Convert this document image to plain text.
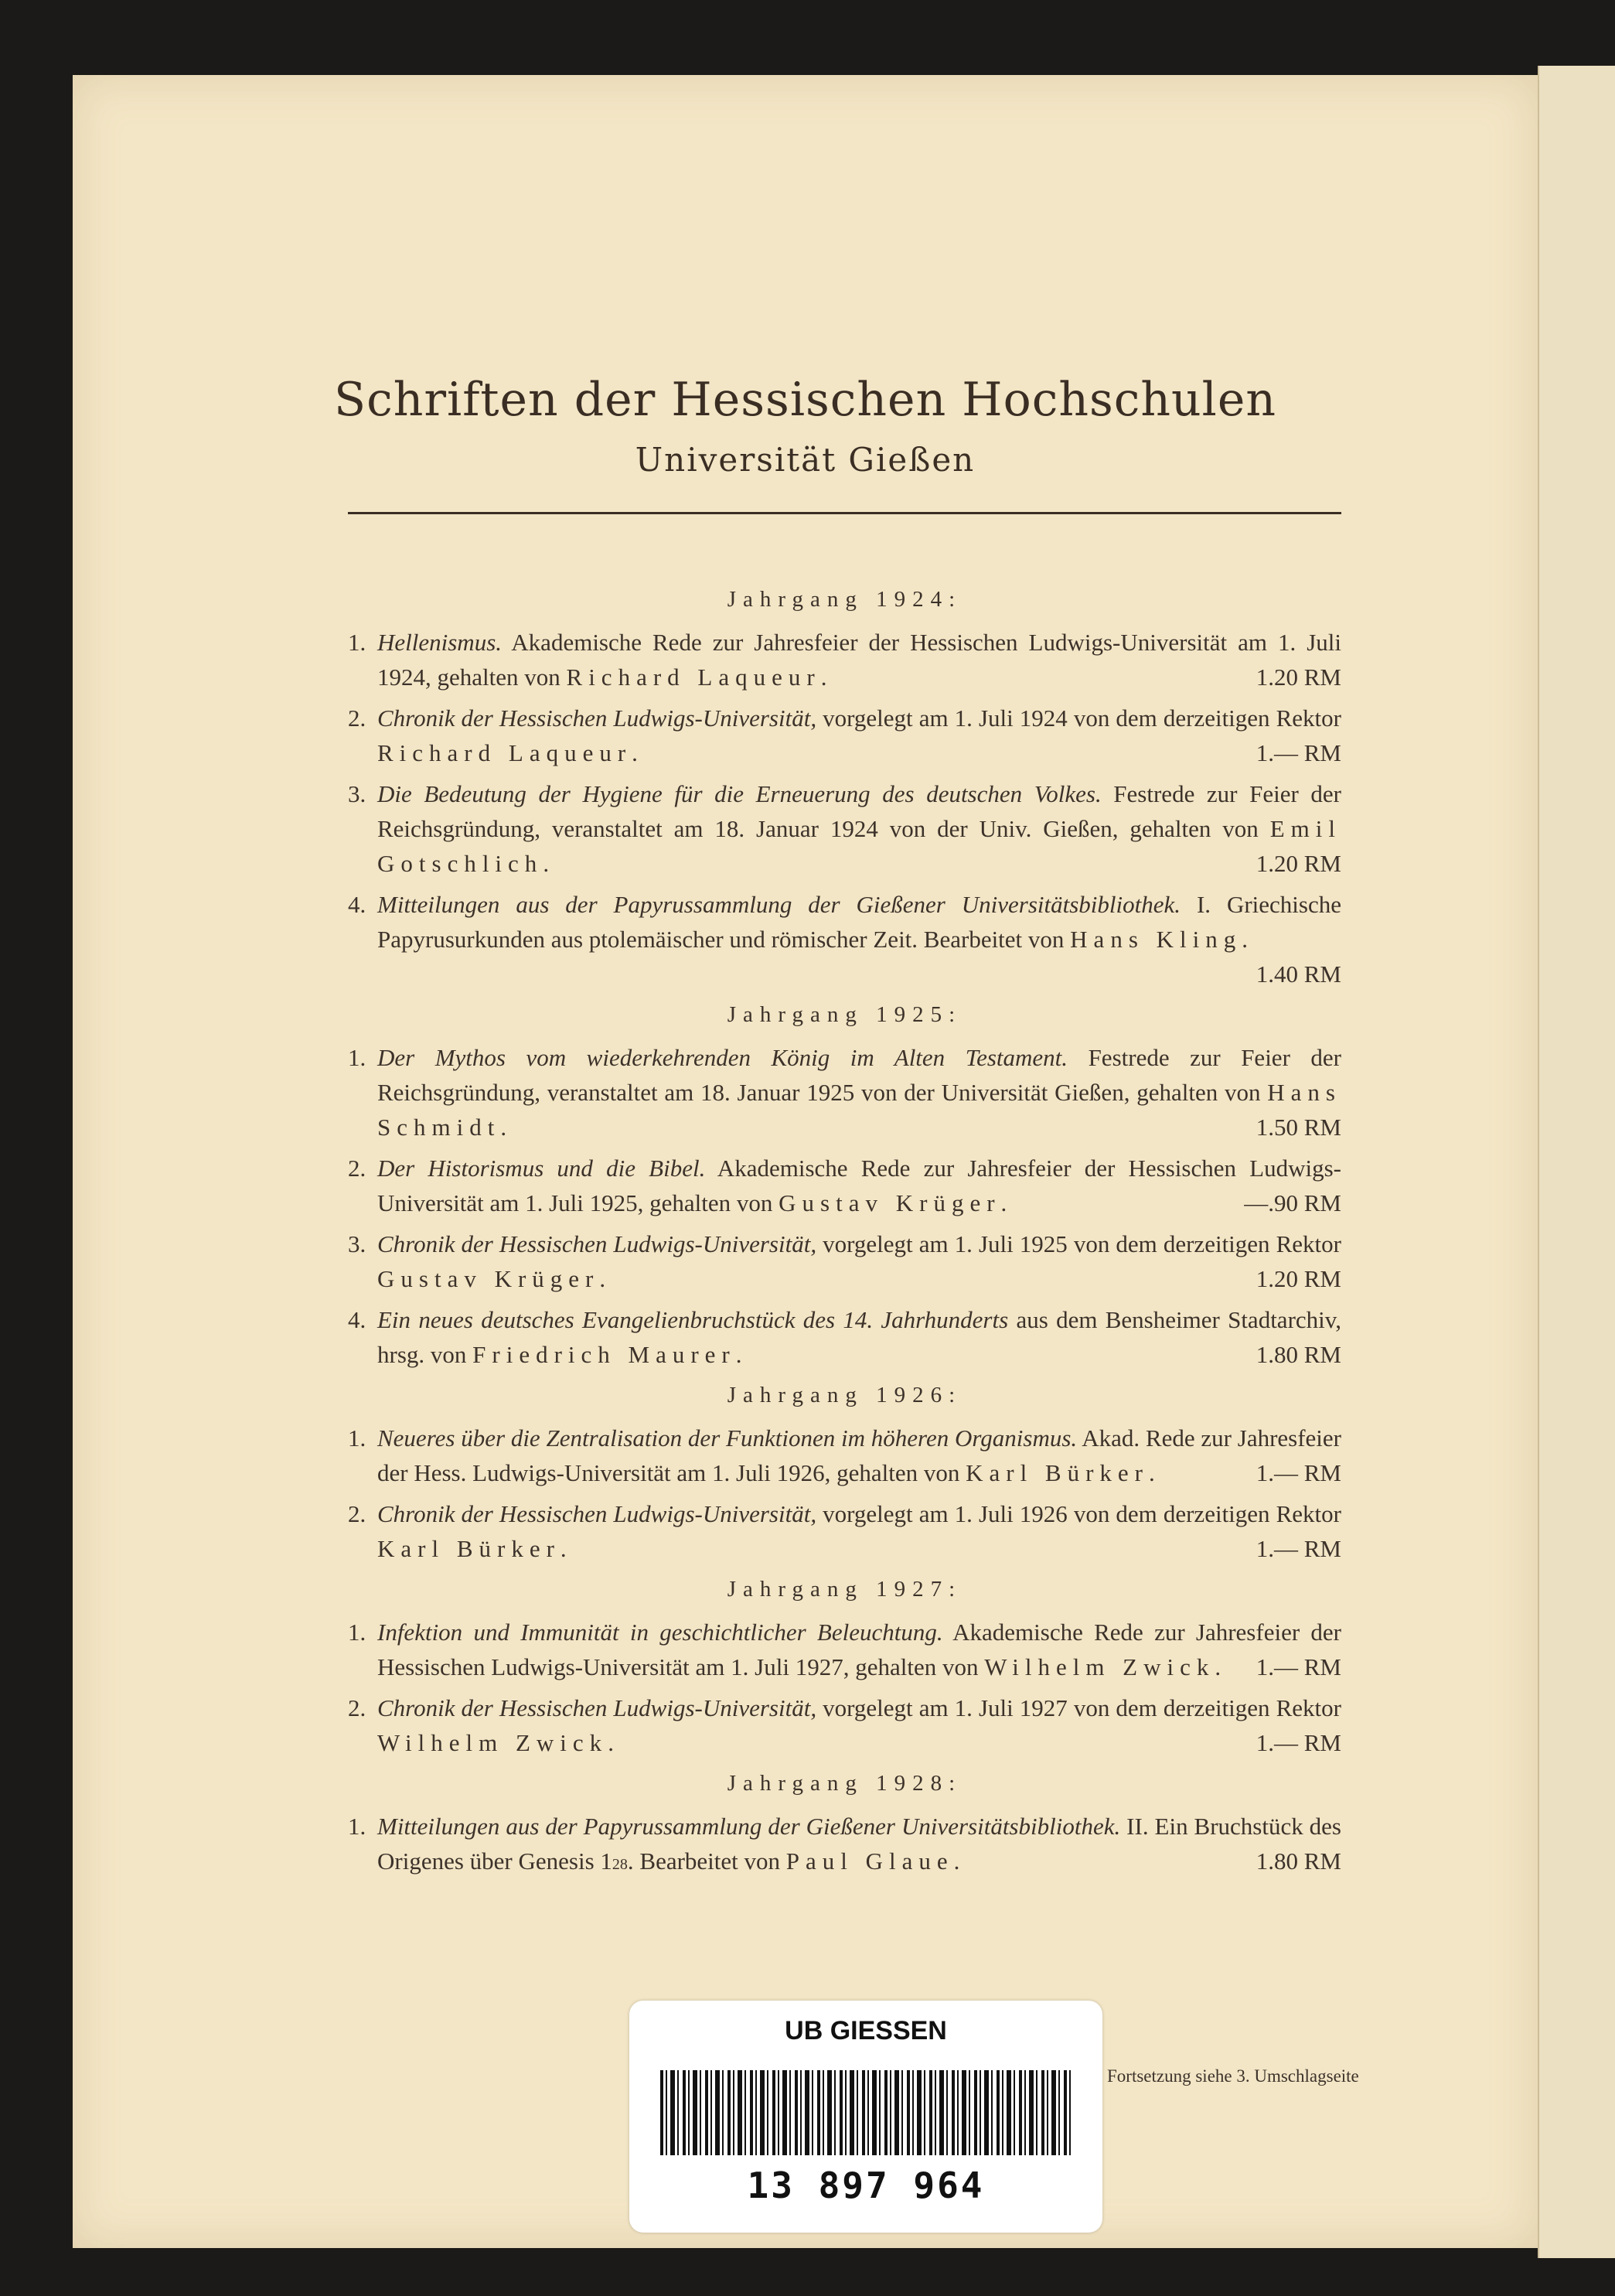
Schriften der Hessischen Hochschulen
Universität Gießen
Jahrgang 1924:
1. Hellenismus. Akademische Rede zur Jahresfeier der Hessischen Ludwigs-Universität am 1. Juli 1924, gehalten von Richard Laqueur.	1.20 RM
2. Chronik der Hessischen Ludwigs-Universität, vorgelegt am 1. Juli 1924 von dem derzeitigen Rektor Richard Laqueur.	1.— RM
3. Die Bedeutung der Hygiene für die Erneuerung des deutschen Volkes. Festrede zur Feier der Reichsgründung, veranstaltet am 18. Januar 1924 von der Univ. Gießen, gehalten von Emil Gotschlich.	1.20 RM
4. Mitteilungen aus der Papyrussammlung der Gießener Universitätsbibliothek. I. Griechische Papyrusurkunden aus ptolemäischer und römischer Zeit. Bearbeitet von Hans Kling.
1.40 RM
Jahrgang 1925:
1. Der Mythos vom wiederkehrenden König im Alten Testament. Festrede zur Feier der Reichsgründung, veranstaltet am 18. Januar 1925 von der Universität Gießen, gehalten von Hans Schmidt.	1.50 RM
2. Der Historismus und die Bibel. Akademische Rede zur Jahresfeier der Hessischen Ludwigs-Universität am 1. Juli 1925, gehalten von Gustav Krüger.	—.90 RM
3. Chronik der Hessischen Ludwigs-Universität, vorgelegt am 1. Juli 1925 von dem derzeitigen Rektor Gustav Krüger.	1.20 RM
4. Ein neues deutsches Evangelienbruchstück des 14. Jahrhunderts aus dem Bensheimer Stadtarchiv, hrsg. von Friedrich Maurer.	1.80 RM
Jahrgang 1926:
1. Neueres über die Zentralisation der Funktionen im höheren Organismus. Akad. Rede zur Jahresfeier der Hess. Ludwigs-Universität am 1. Juli 1926, gehalten von Karl Bürker.	1.— RM
2. Chronik der Hessischen Ludwigs-Universität, vorgelegt am 1. Juli 1926 von dem derzeitigen Rektor Karl Bürker.	1.— RM
Jahrgang 1927:
1. Infektion und Immunität in geschichtlicher Beleuchtung. Akademische Rede zur Jahresfeier der Hessischen Ludwigs-Universität am 1. Juli 1927, gehalten von Wilhelm Zwick. 1.— RM
2. Chronik der Hessischen Ludwigs-Universität, vorgelegt am 1. Juli 1927 von dem derzeitigen Rektor Wilhelm Zwick.	1.— RM
Jahrgang 1928:
1. Mitteilungen aus der Papyrussammlung der Gießener Universitätsbibliothek. II. Ein Bruchstück des Origenes über Genesis 128. Bearbeitet von Paul Glaue.	1.80 RM
UB GIESSEN
13 897 964
Fortsetzung siehe 3. Umschlagseite
